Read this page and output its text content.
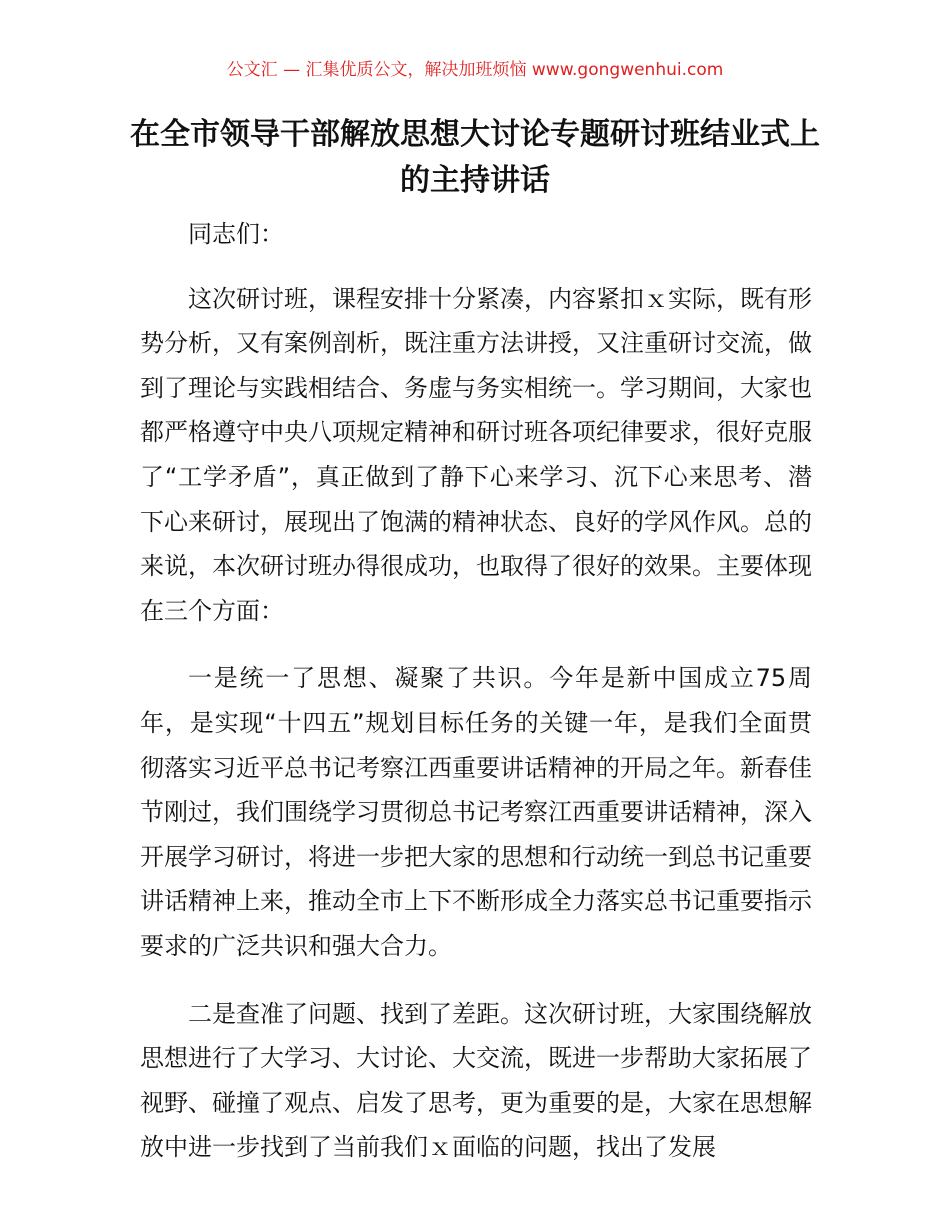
公文汇 — 汇集优质公文，解决加班烦恼 www.gongwenhui.com
在全市领导干部解放思想大讨论专题研讨班结业式上的主持讲话

同志们：

这次研讨班，课程安排十分紧凑，内容紧扣ｘ实际，既有形势分析，又有案例剖析，既注重方法讲授，又注重研讨交流，做到了理论与实践相结合、务虚与务实相统一。学习期间，大家也都严格遵守中央八项规定精神和研讨班各项纪律要求，很好克服了“工学矛盾”，真正做到了静下心来学习、沉下心来思考、潜下心来研讨，展现出了饱满的精神状态、良好的学风作风。总的来说，本次研讨班办得很成功，也取得了很好的效果。主要体现在三个方面：

一是统一了思想、凝聚了共识。今年是新中国成立75周年，是实现“十四五”规划目标任务的关键一年，是我们全面贯彻落实习近平总书记考察江西重要讲话精神的开局之年。新春佳节刚过，我们围绕学习贯彻总书记考察江西重要讲话精神，深入开展学习研讨，将进一步把大家的思想和行动统一到总书记重要讲话精神上来，推动全市上下不断形成全力落实总书记重要指示要求的广泛共识和强大合力。

二是查准了问题、找到了差距。这次研讨班，大家围绕解放思想进行了大学习、大讨论、大交流，既进一步帮助大家拓展了视野、碰撞了观点、启发了思考，更为重要的是，大家在思想解放中进一步找到了当前我们ｘ面临的问题，找出了发展
